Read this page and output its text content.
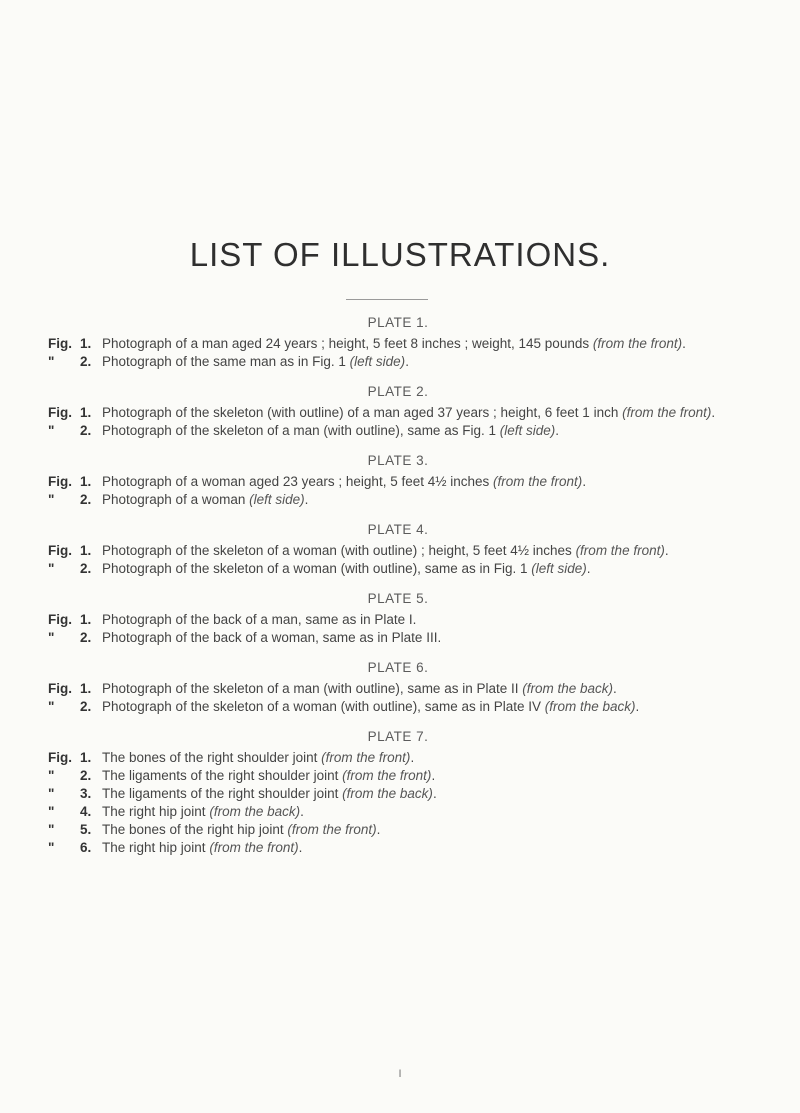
LIST OF ILLUSTRATIONS.
PLATE 1.
Fig. 1. Photograph of a man aged 24 years ; height, 5 feet 8 inches ; weight, 145 pounds (from the front).
"	2. Photograph of the same man as in Fig. 1 (left side).
PLATE 2.
Fig. 1. Photograph of the skeleton (with outline) of a man aged 37 years ; height, 6 feet 1 inch (from the front).
"	2. Photograph of the skeleton of a man (with outline), same as Fig. 1 (left side).
PLATE 3.
Fig. 1. Photograph of a woman aged 23 years ; height, 5 feet 4½ inches (from the front).
"	2. Photograph of a woman (left side).
PLATE 4.
Fig. 1. Photograph of the skeleton of a woman (with outline) ; height, 5 feet 4½ inches (from the front).
"	2. Photograph of the skeleton of a woman (with outline), same as in Fig. 1 (left side).
PLATE 5.
Fig. 1. Photograph of the back of a man, same as in Plate I.
"	2. Photograph of the back of a woman, same as in Plate III.
PLATE 6.
Fig. 1. Photograph of the skeleton of a man (with outline), same as in Plate II (from the back).
"	2. Photograph of the skeleton of a woman (with outline), same as in Plate IV (from the back).
PLATE 7.
Fig. 1. The bones of the right shoulder joint (from the front).
"	2. The ligaments of the right shoulder joint (from the front).
"	3. The ligaments of the right shoulder joint (from the back).
"	4. The right hip joint (from the back).
"	5. The bones of the right hip joint (from the front).
"	6. The right hip joint (from the front).
I
